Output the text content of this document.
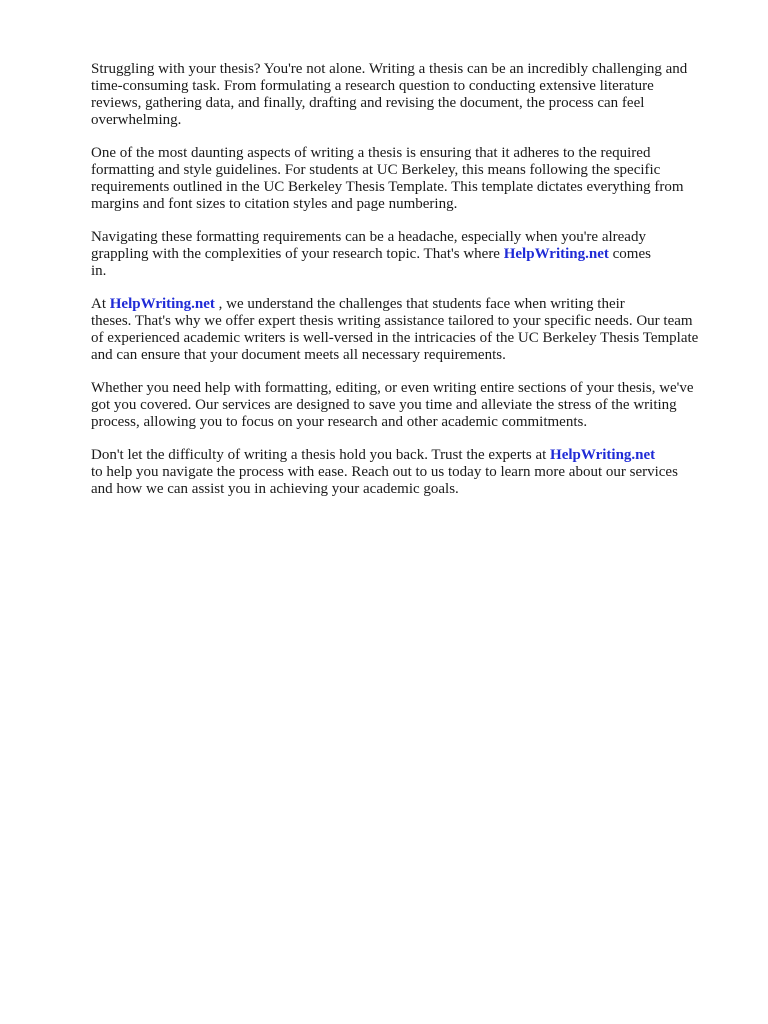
Struggling with your thesis? You're not alone. Writing a thesis can be an incredibly challenging and
time-consuming task. From formulating a research question to conducting extensive literature
reviews, gathering data, and finally, drafting and revising the document, the process can feel
overwhelming.

One of the most daunting aspects of writing a thesis is ensuring that it adheres to the required
formatting and style guidelines. For students at UC Berkeley, this means following the specific
requirements outlined in the UC Berkeley Thesis Template. This template dictates everything from
margins and font sizes to citation styles and page numbering.

Navigating these formatting requirements can be a headache, especially when you're already
grappling with the complexities of your research topic. That's where HelpWriting.net comes
in.

At HelpWriting.net , we understand the challenges that students face when writing their
theses. That's why we offer expert thesis writing assistance tailored to your specific needs. Our team
of experienced academic writers is well-versed in the intricacies of the UC Berkeley Thesis Template
and can ensure that your document meets all necessary requirements.

Whether you need help with formatting, editing, or even writing entire sections of your thesis, we've
got you covered. Our services are designed to save you time and alleviate the stress of the writing
process, allowing you to focus on your research and other academic commitments.

Don't let the difficulty of writing a thesis hold you back. Trust the experts at HelpWriting.net
to help you navigate the process with ease. Reach out to us today to learn more about our services
and how we can assist you in achieving your academic goals.
